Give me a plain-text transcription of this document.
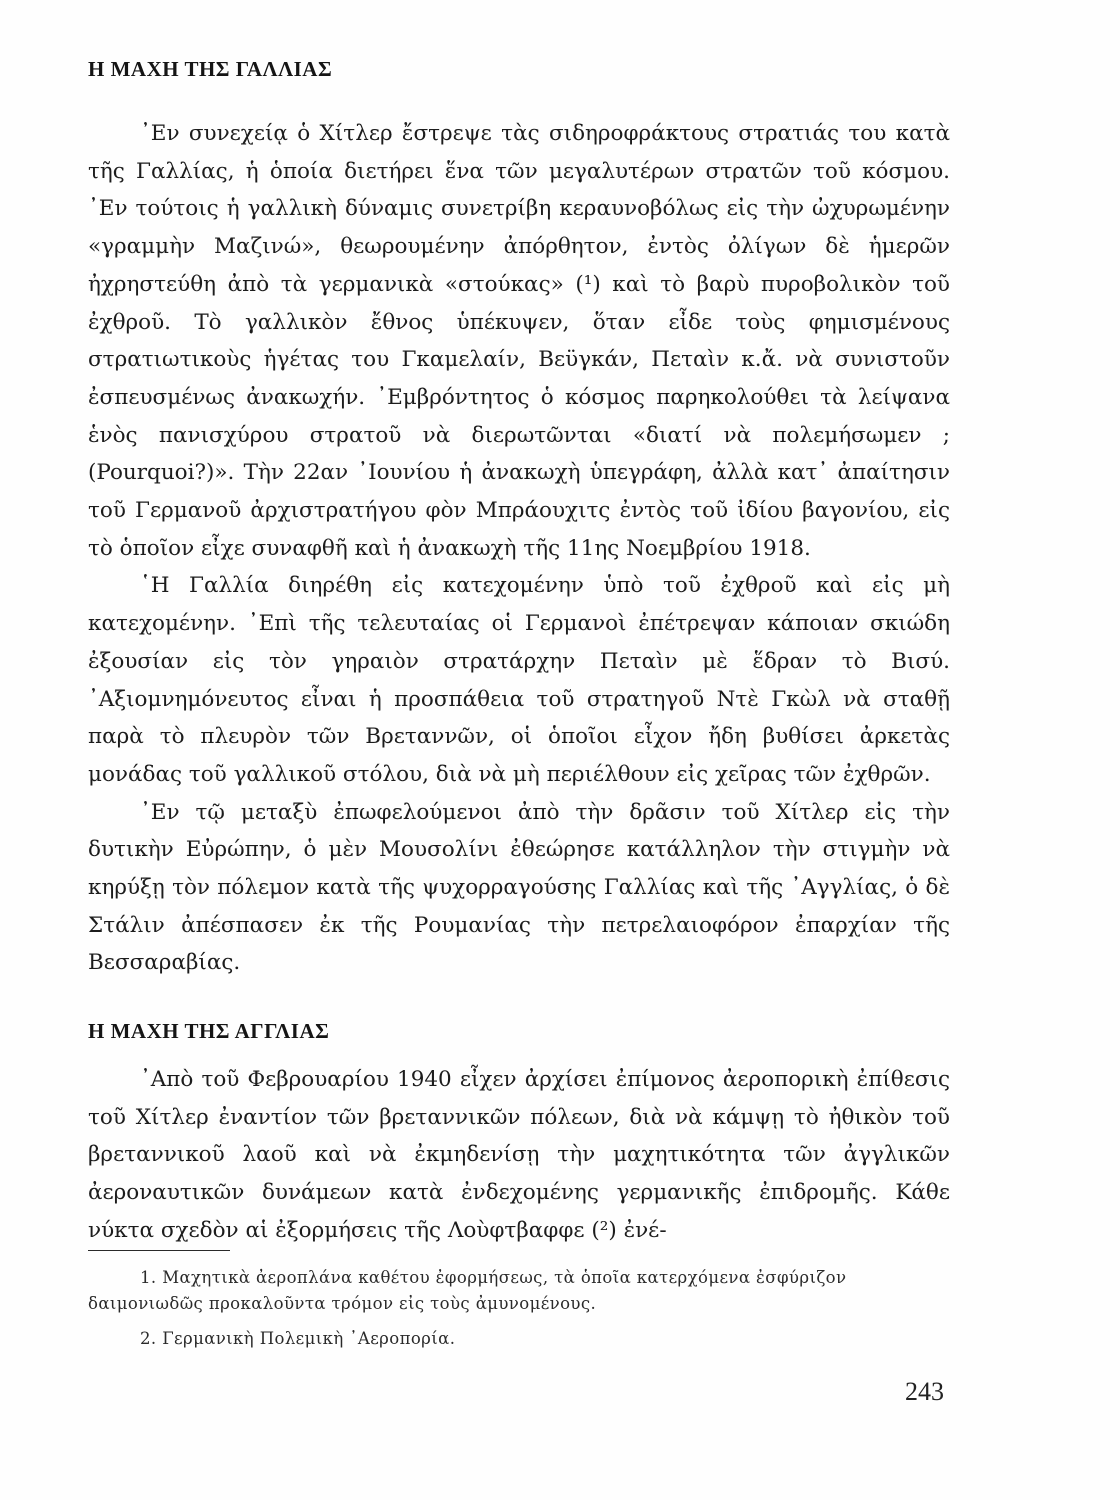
Η ΜΑΧΗ ΤΗΣ ΓΑΛΛΙΑΣ

᾿Εν συνεχείᾳ ὁ Χίτλερ ἔστρεψε τὰς σιδηροφράκτους στρατιάς του κατὰ τῆς Γαλλίας, ἡ ὁποία διετήρει ἕνα τῶν μεγαλυτέρων στρατῶν τοῦ κόσμου. ᾿Εν τούτοις ἡ γαλλικὴ δύναμις συνετρίβη κεραυνοβόλως εἰς τὴν ὠχυρωμένην «γραμμὴν Μαζινώ», θεωρουμένην ἀπόρθητον, ἐντὸς ὀλίγων δὲ ἡμερῶν ἠχρηστεύθη ἀπὸ τὰ γερμανικὰ «στούκας» (¹) καὶ τὸ βαρὺ πυροβολικὸν τοῦ ἐχθροῦ. Τὸ γαλλικὸν ἔθνος ὑπέκυψεν, ὅταν εἶδε τοὺς φημισμένους στρατιωτικοὺς ἡγέτας του Γκαμελαίν, Βεϋγκάν, Πεταὶν κ.ἄ. νὰ συνιστοῦν ἐσπευσμένως ἀνακωχήν. ᾿Εμβρόντητος ὁ κόσμος παρηκολούθει τὰ λείψανα ἑνὸς πανισχύρου στρατοῦ νὰ διερωτῶνται «διατί νὰ πολεμήσωμεν ; (Pourquoi?)». Τὴν 22αν ᾿Ιουνίου ἡ ἀνακωχὴ ὑπεγράφη, ἀλλὰ κατ᾿ ἀπαίτησιν τοῦ Γερμανοῦ ἀρχιστρατήγου φὸν Μπράουχιτς ἐντὸς τοῦ ἰδίου βαγονίου, εἰς τὸ ὁποῖον εἶχε συναφθῆ καὶ ἡ ἀνακωχὴ τῆς 11ης Νοεμβρίου 1918.

῾Η Γαλλία διηρέθη εἰς κατεχομένην ὑπὸ τοῦ ἐχθροῦ καὶ εἰς μὴ κατεχομένην. ᾿Επὶ τῆς τελευταίας οἱ Γερμανοὶ ἐπέτρεψαν κάποιαν σκιώδη ἐξουσίαν εἰς τὸν γηραιὸν στρατάρχην Πεταὶν μὲ ἕδραν τὸ Βισύ. ᾿Αξιομνημόνευτος εἶναι ἡ προσπάθεια τοῦ στρατηγοῦ Ντὲ Γκὼλ νὰ σταθῇ παρὰ τὸ πλευρὸν τῶν Βρεταννῶν, οἱ ὁποῖοι εἶχον ἤδη βυθίσει ἀρκετὰς μονάδας τοῦ γαλλικοῦ στόλου, διὰ νὰ μὴ περιέλθουν εἰς χεῖρας τῶν ἐχθρῶν.

᾿Εν τῷ μεταξὺ ἐπωφελούμενοι ἀπὸ τὴν δρᾶσιν τοῦ Χίτλερ εἰς τὴν δυτικὴν Εὐρώπην, ὁ μὲν Μουσολίνι ἐθεώρησε κατάλληλον τὴν στιγμὴν νὰ κηρύξῃ τὸν πόλεμον κατὰ τῆς ψυχορραγούσης Γαλλίας καὶ τῆς ᾿Αγγλίας, ὁ δὲ Στάλιν ἀπέσπασεν ἐκ τῆς Ρουμανίας τὴν πετρελαιοφόρον ἐπαρχίαν τῆς Βεσσαραβίας.

Η ΜΑΧΗ ΤΗΣ ΑΓΓΛΙΑΣ

᾿Απὸ τοῦ Φεβρουαρίου 1940 εἶχεν ἀρχίσει ἐπίμονος ἀεροπορικὴ ἐπίθεσις τοῦ Χίτλερ ἐναντίον τῶν βρεταννικῶν πόλεων, διὰ νὰ κάμψῃ τὸ ἠθικὸν τοῦ βρεταννικοῦ λαοῦ καὶ νὰ ἐκμηδενίσῃ τὴν μαχητικότητα τῶν ἀγγλικῶν ἀεροναυτικῶν δυνάμεων κατὰ ἐνδεχομένης γερμανικῆς ἐπιδρομῆς. Κάθε νύκτα σχεδὸν αἱ ἐξορμήσεις τῆς Λοὺφτβαφφε (²) ἐνέ-

1. Μαχητικὰ ἀεροπλάνα καθέτου ἐφορμήσεως, τὰ ὁποῖα κατερχόμενα ἐσφύριζον δαιμονιωδῶς προκαλοῦντα τρόμον εἰς τοὺς ἀμυνομένους.

2. Γερμανικὴ Πολεμικὴ ᾿Αεροπορία.

243
